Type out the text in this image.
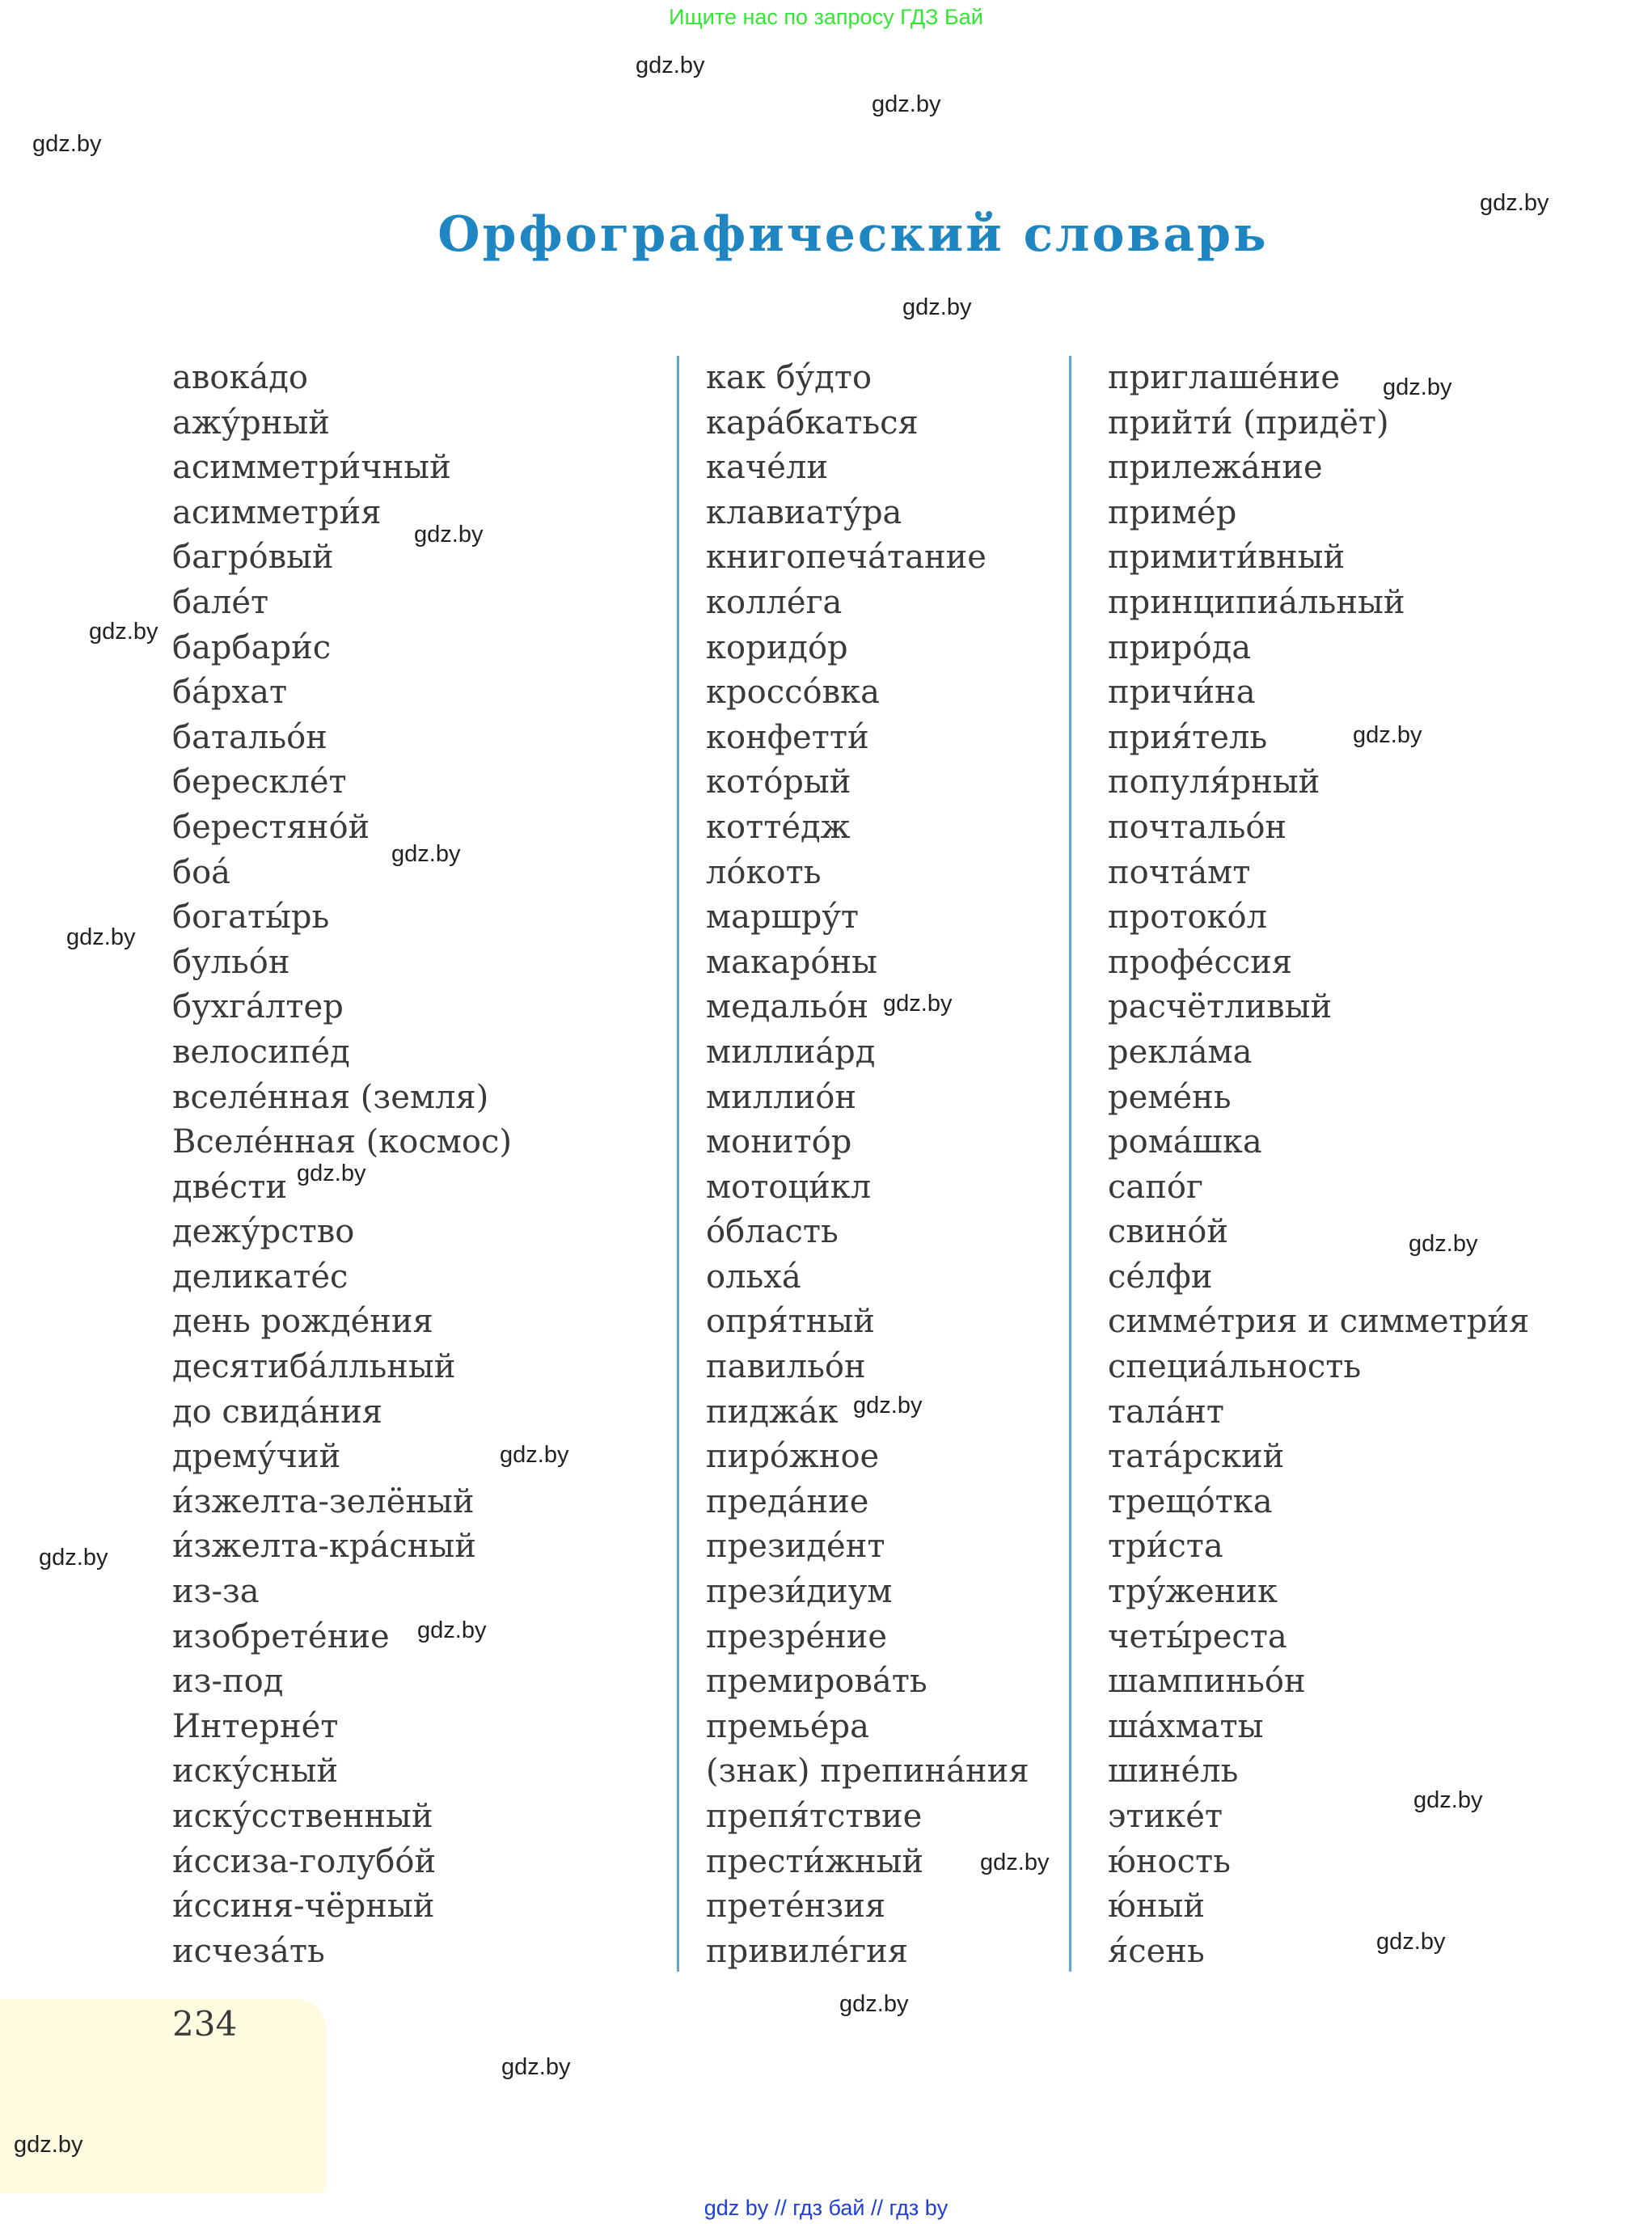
Ищите нас по запросу ГДЗ Бай
Орфографический словарь
авока́до
ажу́рный
асимметри́чный
асимметри́я
багро́вый
бале́т
барбари́с
ба́рхат
батальо́н
берескле́т
берестяно́й
боа́
богаты́рь
бульо́н
бухга́лтер
велосипе́д
вселе́нная (земля)
Вселе́нная (космос)
две́сти
дежу́рство
деликате́с
день рожде́ния
десятиба́лльный
до свида́ния
дрему́чий
и́зжелта-зелёный
и́зжелта-кра́сный
из-за
изобрете́ние
из-под
Интерне́т
иску́сный
иску́сственный
и́ссиза-голубо́й
и́ссиня-чёрный
исчеза́ть
как бу́дто
кара́бкаться
каче́ли
клавиату́ра
книгопеча́тание
колле́га
коридо́р
кроссо́вка
конфетти́
кото́рый
котте́дж
ло́коть
маршру́т
макаро́ны
медальо́н
миллиа́рд
миллио́н
монито́р
мотоци́кл
о́бласть
ольха́
опря́тный
павильо́н
пиджа́к
пиро́жное
преда́ние
президе́нт
прези́диум
презре́ние
премирова́ть
премье́ра
(знак) препина́ния
препя́тствие
прести́жный
прете́нзия
привиле́гия
приглаше́ние
прийти́ (придёт)
прилежа́ние
приме́р
примити́вный
принципиа́льный
приро́да
причи́на
прия́тель
популя́рный
почтальо́н
почта́мт
протоко́л
профе́ссия
расчётливый
рекла́ма
реме́нь
рома́шка
сапо́г
свино́й
се́лфи
симме́трия и симметри́я
специа́льность
тала́нт
тата́рский
трещо́тка
три́ста
тру́женик
четы́реста
шампиньо́н
ша́хматы
шине́ль
этике́т
ю́ность
ю́ный
я́сень
234
gdz.by
gdz.by
gdz.by
gdz.by
gdz.by
gdz.by
gdz.by
gdz.by
gdz.by
gdz.by
gdz.by
gdz.by
gdz.by
gdz.by
gdz.by
gdz.by
gdz.by
gdz.by
gdz.by
gdz.by
gdz.by
gdz.by
gdz.by
gdz.by
gdz by // гдз бай // гдз by
